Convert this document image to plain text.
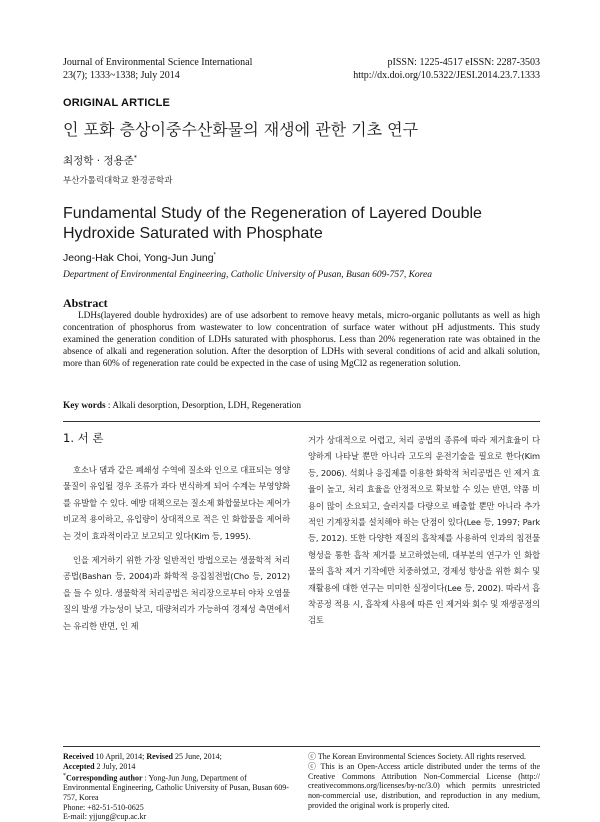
Journal of Environmental Science International
23(7); 1333~1338; July 2014
pISSN: 1225-4517 eISSN: 2287-3503
http://dx.doi.org/10.5322/JESI.2014.23.7.1333
ORIGINAL ARTICLE
인 포화 층상이중수산화물의 재생에 관한 기초 연구
최정학 · 정용준*
부산가톨릭대학교 환경공학과
Fundamental Study of the Regeneration of Layered Double Hydroxide Saturated with Phosphate
Jeong-Hak Choi, Yong-Jun Jung*
Department of Environmental Engineering, Catholic University of Pusan, Busan 609-757, Korea
Abstract
LDHs(layered double hydroxides) are of use adsorbent to remove heavy metals, micro-organic pollutants as well as high concentration of phosphorus from wastewater to low concentration of surface water without pH adjustments. This study examined the generation condition of LDHs saturated with phosphorus. Less than 20% regeneration rate was obtained in the absence of alkali and regeneration solution. After the desorption of LDHs with several conditions of acid and alkali solution, more than 60% of regeneration rate could be expected in the case of using MgCl2 as regeneration solution.
Key words : Alkali desorption, Desorption, LDH, Regeneration
1. 서 론

호소나 댐과 같은 폐쇄성 수역에 질소와 인으로 대표되는 영양물질이 유입될 경우 조류가 과다 번식하게 되어 수계는 부영양화를 유발할 수 있다. 예방 대책으로는 질소제 화합물보다는 제어가 비교적 용이하고, 유입량이 상대적으로 적은 인 화합물을 제어하는 것이 효과적이라고 보고되고 있다(Kim 등, 1995).

인을 제거하기 위한 가장 일반적인 방법으로는 생물학적 처리공법(Bashan 등, 2004)과 화학적 응집침전법(Cho 등, 2012)을 들 수 있다. 생물학적 처리공법은 처리장으로부터 야차 오염물질의 발생 가능성이 낮고, 대량처리가 가능하여 경제성 측면에서는 유리한 반면, 인 제

거가 상대적으로 어렵고, 처리 공법의 종류에 따라 제거효율이 다양하게 나타날 뿐만 아니라 고도의 운전기술을 필요로 한다(Kim 등, 2006). 석회나 응집제를 이용한 화학적 처리공법은 인 제거 효율이 높고, 처리 효율을 안정적으로 확보할 수 있는 반면, 약품 비용이 많이 소요되고, 슬러지를 다량으로 배출할 뿐만 아니라 추가적인 기계장치를 설치해야 하는 단점이 있다(Lee 등, 1997; Park 등, 2012). 또한 다양한 재질의 흡착제를 사용하여 인과의 침전물 형성을 통한 흡착 제거를 보고하였는데, 대부분의 연구가 인 화합물의 흡착 제거 기작에만 치중하였고, 경제성 향상을 위한 회수 및 재활용에 대한 연구는 미미한 실정이다(Lee 등, 2002). 따라서 흡착공정 적용 시, 흡착제 사용에 따른 인 제거와 회수 및 재생공정의 검토

Received 10 April, 2014; Revised 25 June, 2014;
Accepted 2 July, 2014
*Corresponding author : Yong-Jun Jung, Department of Environmental Engineering, Catholic University of Pusan, Busan 609-757, Korea
Phone: +82-51-510-0625
E-mail: yjjung@cup.ac.kr
ⓒ The Korean Environmental Sciences Society. All rights reserved.
ⓒ This is an Open-Access article distributed under the terms of the Creative Commons Attribution Non-Commercial License (http:// creativecommons.org/licenses/by-nc/3.0) which permits unrestricted non-commercial use, distribution, and reproduction in any medium, provided the original work is properly cited.
